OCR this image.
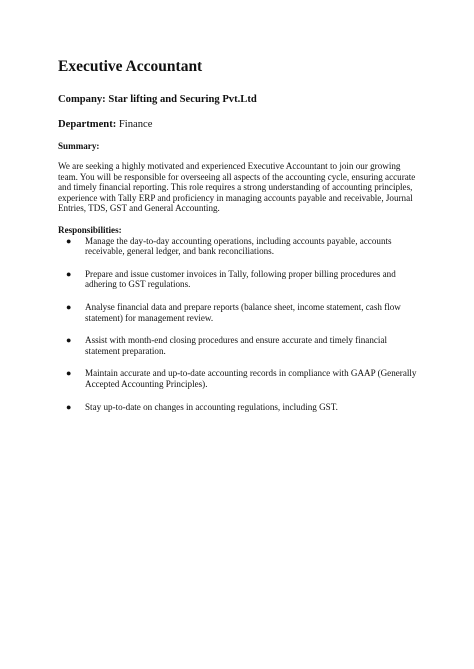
Executive Accountant
Company: Star lifting and Securing Pvt.Ltd
Department: Finance
Summary:
We are seeking a highly motivated and experienced Executive Accountant to join our growing team. You will be responsible for overseeing all aspects of the accounting cycle, ensuring accurate and timely financial reporting. This role requires a strong understanding of accounting principles, experience with Tally ERP and proficiency in managing accounts payable and receivable, Journal Entries, TDS, GST and General Accounting.
Responsibilities:
● Manage the day-to-day accounting operations, including accounts payable, accounts receivable, general ledger, and bank reconciliations.
● Prepare and issue customer invoices in Tally, following proper billing procedures and adhering to GST regulations.
● Analyse financial data and prepare reports (balance sheet, income statement, cash flow statement) for management review.
● Assist with month-end closing procedures and ensure accurate and timely financial statement preparation.
● Maintain accurate and up-to-date accounting records in compliance with GAAP (Generally Accepted Accounting Principles).
● Stay up-to-date on changes in accounting regulations, including GST.
